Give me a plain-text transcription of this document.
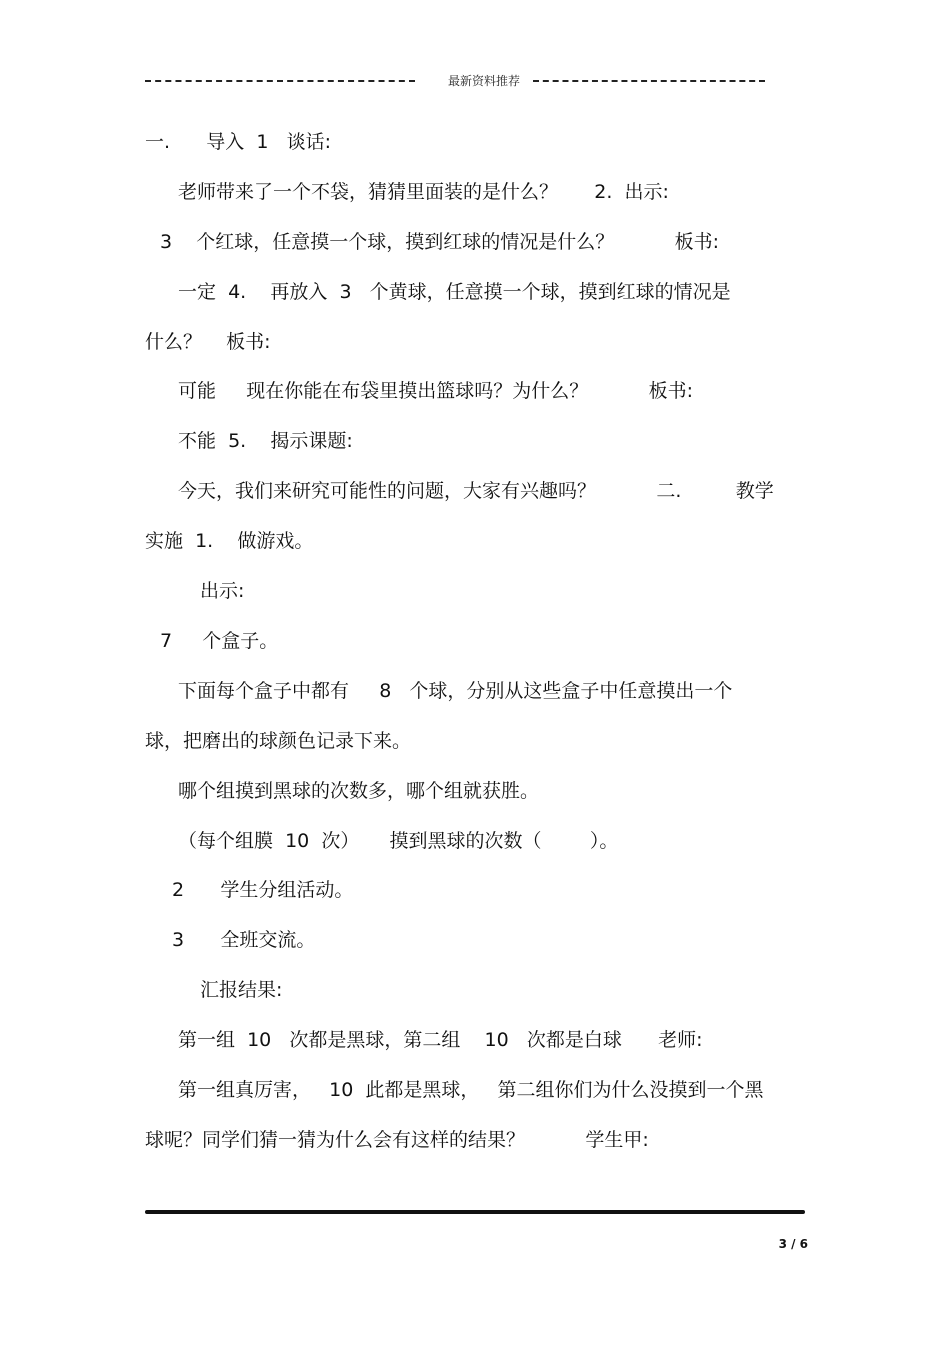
最新资料推荐
一.      导入  1   谈话:
老师带来了一个不袋，猜猜里面装的是什么？      2.  出示:
3    个红球，任意摸一个球，摸到红球的情况是什么？          板书:
一定  4.    再放入  3   个黄球，任意摸一个球，摸到红球的情况是
什么？    板书:
可能     现在你能在布袋里摸出篮球吗？为什么？          板书:
不能  5.    揭示课题:
今天，我们来研究可能性的问题，大家有兴趣吗？          二.         教学
实施  1.    做游戏。
出示:
7     个盒子。
下面每个盒子中都有     8   个球，分别从这些盒子中任意摸出一个
球，把磨出的球颜色记录下来。
哪个组摸到黑球的次数多，哪个组就获胜。
（每个组膜  10  次）     摸到黑球的次数（        ）。
2      学生分组活动。
3      全班交流。
汇报结果:
第一组  10   次都是黑球，第二组    10   次都是白球      老师:
第一组真厉害，   10  此都是黑球，   第二组你们为什么没摸到一个黑
球呢？同学们猜一猜为什么会有这样的结果？          学生甲:
3 / 6
